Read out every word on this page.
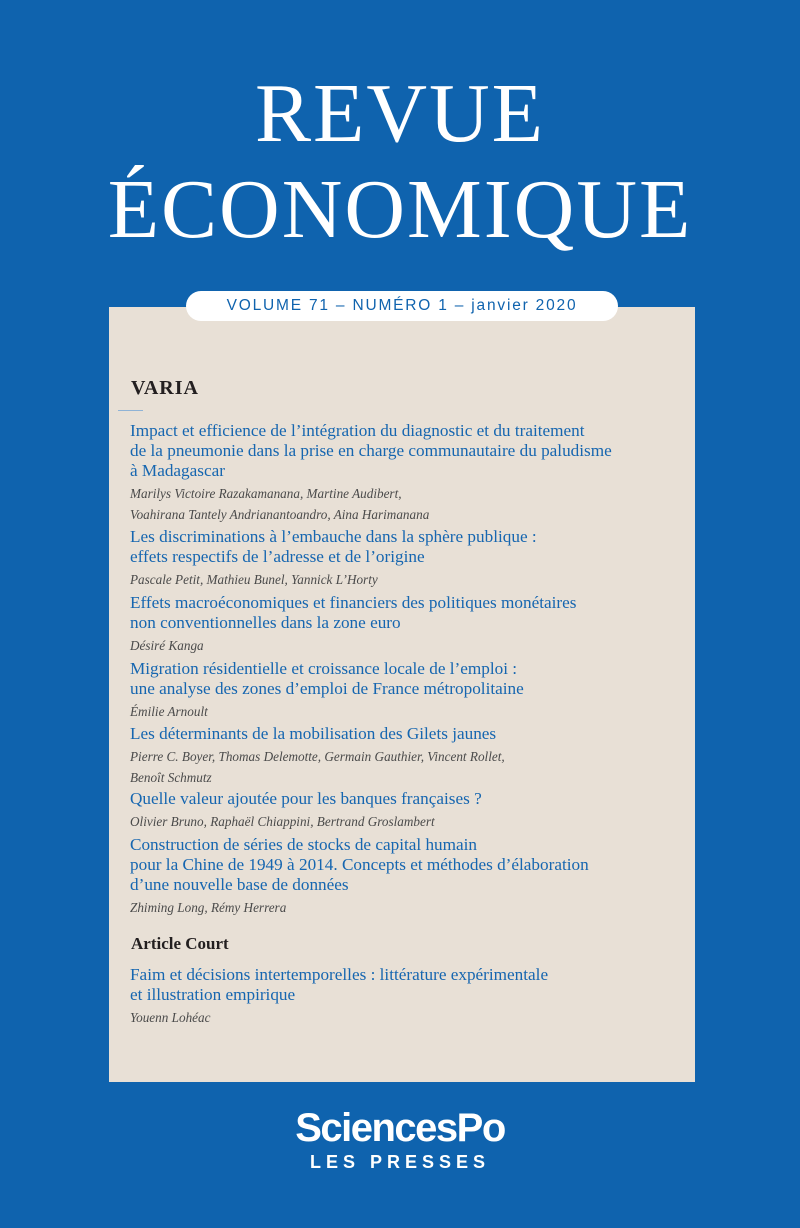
REVUE
ÉCONOMIQUE
VOLUME 71 – NUMÉRO 1 – janvier 2020
VARIA
Impact et efficience de l’intégration du diagnostic et du traitement
de la pneumonie dans la prise en charge communautaire du paludisme
à Madagascar
Marilys Victoire Razakamanana, Martine Audibert,
Voahirana Tantely Andrianantoandro, Aina Harimanana
Les discriminations à l’embauche dans la sphère publique :
effets respectifs de l’adresse et de l’origine
Pascale Petit, Mathieu Bunel, Yannick L’Horty
Effets macroéconomiques et financiers des politiques monétaires
non conventionnelles dans la zone euro
Désiré Kanga
Migration résidentielle et croissance locale de l’emploi :
une analyse des zones d’emploi de France métropolitaine
Émilie Arnoult
Les déterminants de la mobilisation des Gilets jaunes
Pierre C. Boyer, Thomas Delemotte, Germain Gauthier, Vincent Rollet,
Benoît Schmutz
Quelle valeur ajoutée pour les banques françaises ?
Olivier Bruno, Raphaël Chiappini, Bertrand Groslambert
Construction de séries de stocks de capital humain
pour la Chine de 1949 à 2014. Concepts et méthodes d’élaboration
d’une nouvelle base de données
Zhiming Long, Rémy Herrera
Article Court
Faim et décisions intertemporelles : littérature expérimentale
et illustration empirique
Youenn Lohéac
SciencesPo
LES PRESSES
